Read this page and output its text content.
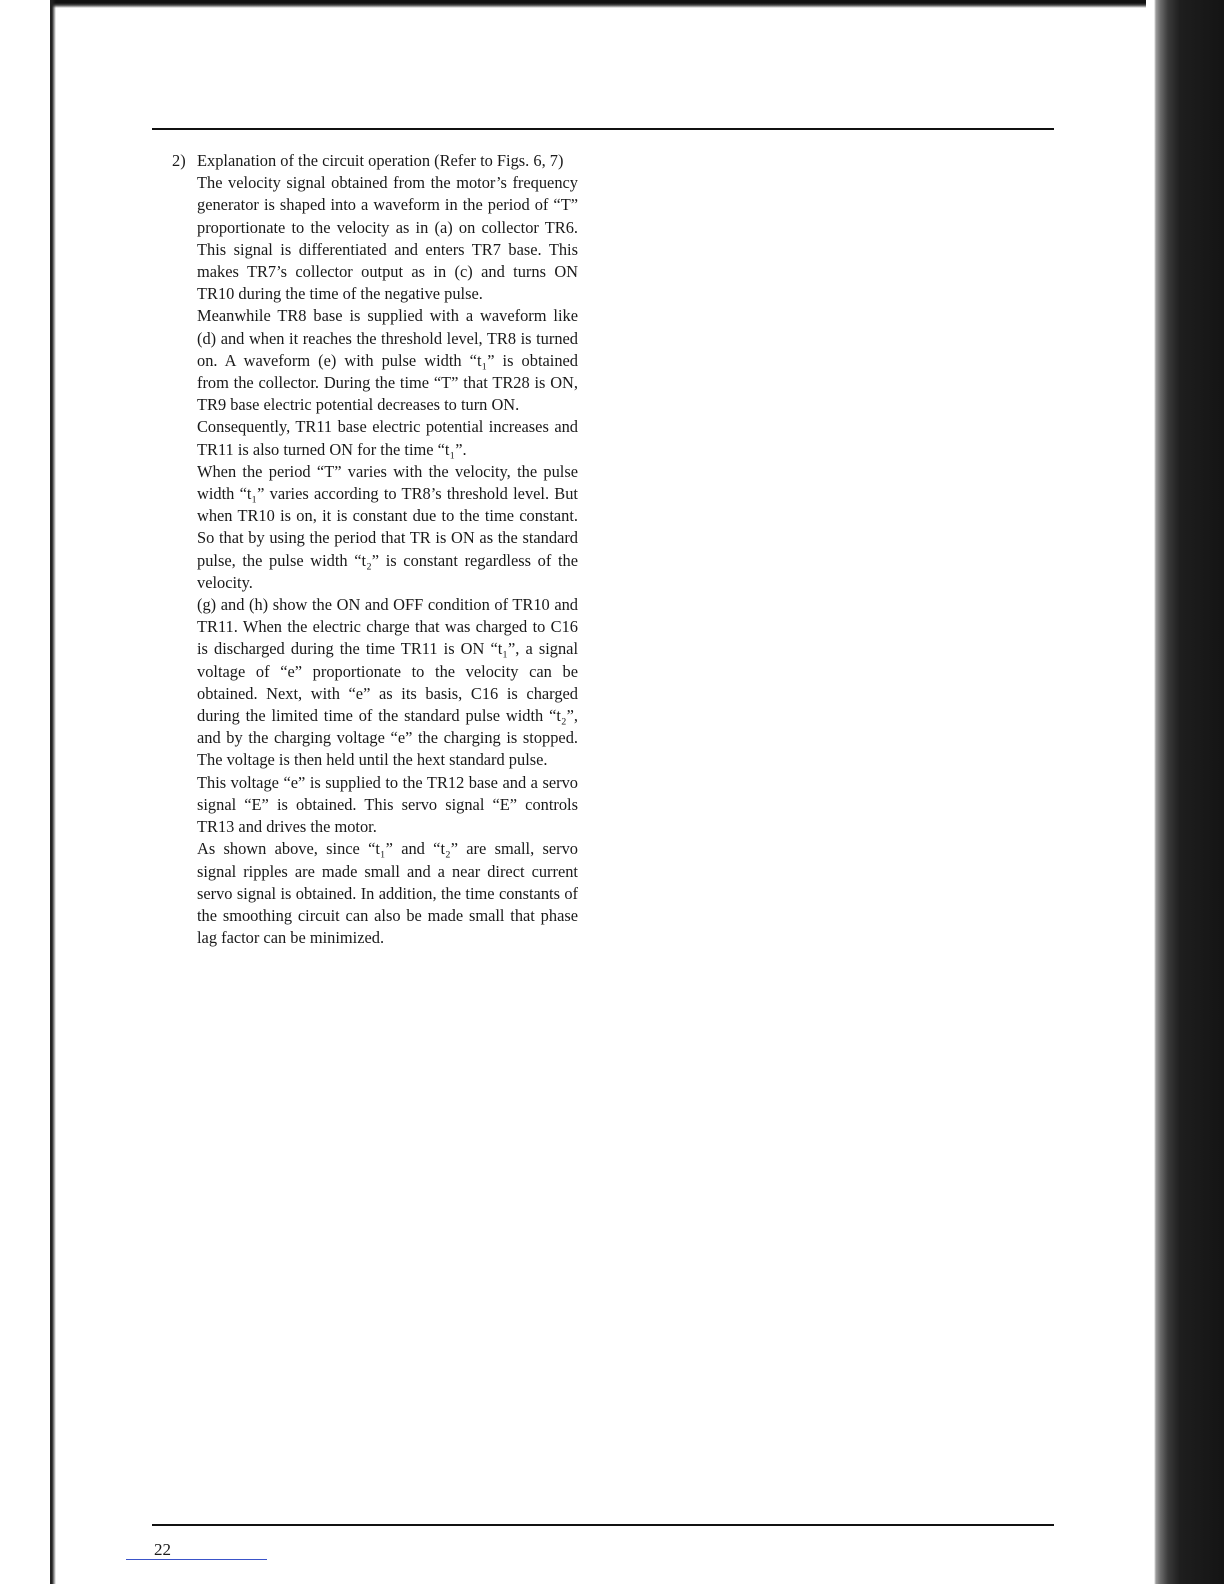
2) Explanation of the circuit operation (Refer to Figs. 6, 7)

The velocity signal obtained from the motor’s frequency generator is shaped into a waveform in the period of “T” proportionate to the velocity as in (a) on collector TR6. This signal is differentiated and enters TR7 base. This makes TR7’s collector output as in (c) and turns ON TR10 during the time of the negative pulse.

Meanwhile TR8 base is supplied with a waveform like (d) and when it reaches the threshold level, TR8 is turned on. A waveform (e) with pulse width “t₁” is obtained from the collector. During the time “T” that TR28 is ON, TR9 base electric potential decreases to turn ON.

Consequently, TR11 base electric potential increases and TR11 is also turned ON for the time “t₁”.

When the period “T” varies with the velocity, the pulse width “t₁” varies according to TR8’s threshold level. But when TR10 is on, it is constant due to the time constant. So that by using the period that TR is ON as the standard pulse, the pulse width “t₂” is constant regardless of the velocity.

(g) and (h) show the ON and OFF condition of TR10 and TR11. When the electric charge that was charged to C16 is discharged during the time TR11 is ON “t₁”, a signal voltage of “e” proportionate to the velocity can be obtained. Next, with “e” as its basis, C16 is charged during the limited time of the standard pulse width “t₂”, and by the charging voltage “e” the charging is stopped. The voltage is then held until the hext standard pulse.

This voltage “e” is supplied to the TR12 base and a servo signal “E” is obtained. This servo signal “E” controls TR13 and drives the motor.

As shown above, since “t₁” and “t₂” are small, servo signal ripples are made small and a near direct current servo signal is obtained. In addition, the time constants of the smoothing circuit can also be made small that phase lag factor can be minimized.

22
